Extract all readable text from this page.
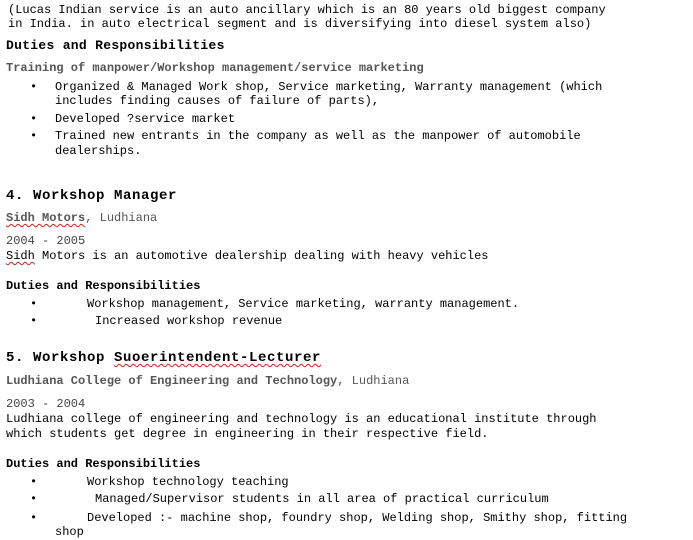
(Lucas Indian service is an auto ancillary which is an 80 years old biggest company
in India. in auto electrical segment and is diversifying into diesel system also)
Duties and Responsibilities
Training of manpower/Workshop management/service marketing
• Organized & Managed Work shop, Service marketing, Warranty management (which
includes finding causes of failure of parts),
• Developed ?service market
• Trained new entrants in the company as well as the manpower of automobile
dealerships.
4. Workshop Manager
Sidh Motors, Ludhiana
2004 - 2005
Sidh Motors is an automotive dealership dealing with heavy vehicles
Duties and Responsibilities
•	Workshop management, Service marketing, warranty management.
•	Increased workshop revenue
5. Workshop Suoerintendent-Lecturer
Ludhiana College of Engineering and Technology, Ludhiana
2003 - 2004
Ludhiana college of engineering and technology is an educational institute through
which students get degree in engineering in their respective field.
Duties and Responsibilities
•	Workshop technology teaching
•	Managed/Supervisor students in all area of practical curriculum
•	Developed :- machine shop, foundry shop, Welding shop, Smithy shop, fitting
shop
